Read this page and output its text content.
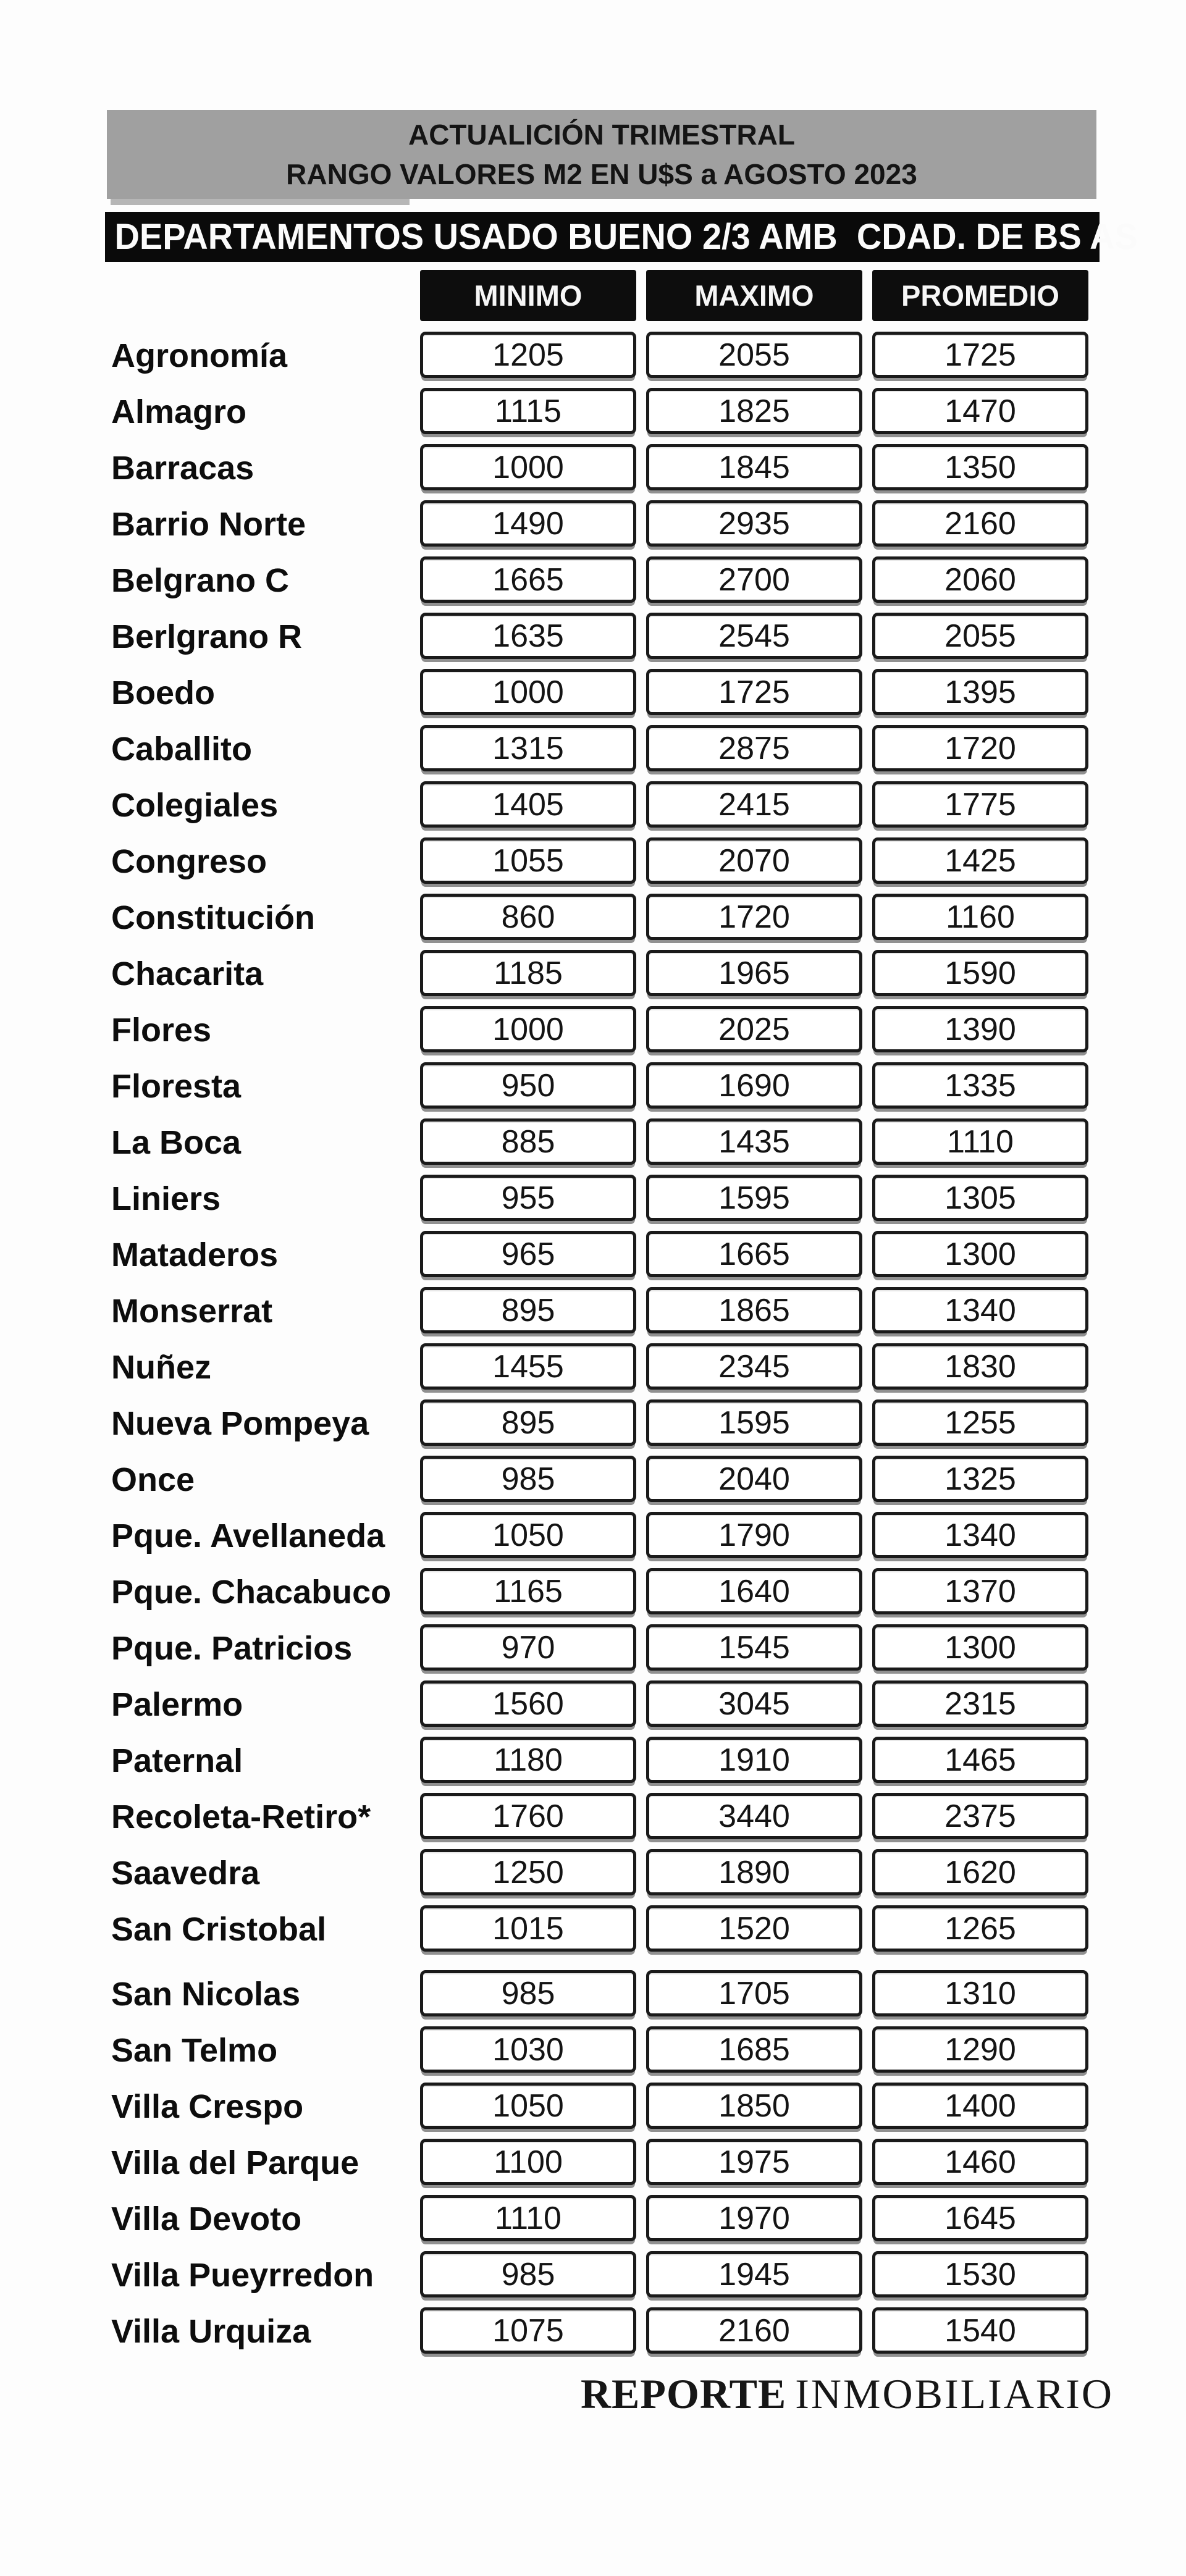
ACTUALICIÓN TRIMESTRAL
RANGO VALORES M2 EN U$S a AGOSTO 2023
DEPARTAMENTOS USADO BUENO 2/3 AMB  CDAD. DE BS AS
MINIMO	MAXIMO	PROMEDIO
Agronomía	1205	2055	1725
Almagro	1115	1825	1470
Barracas	1000	1845	1350
Barrio Norte	1490	2935	2160
Belgrano C	1665	2700	2060
Berlgrano R	1635	2545	2055
Boedo	1000	1725	1395
Caballito	1315	2875	1720
Colegiales	1405	2415	1775
Congreso	1055	2070	1425
Constitución	860	1720	1160
Chacarita	1185	1965	1590
Flores	1000	2025	1390
Floresta	950	1690	1335
La Boca	885	1435	1110
Liniers	955	1595	1305
Mataderos	965	1665	1300
Monserrat	895	1865	1340
Nuñez	1455	2345	1830
Nueva Pompeya	895	1595	1255
Once	985	2040	1325
Pque. Avellaneda	1050	1790	1340
Pque. Chacabuco	1165	1640	1370
Pque. Patricios	970	1545	1300
Palermo	1560	3045	2315
Paternal	1180	1910	1465
Recoleta-Retiro*	1760	3440	2375
Saavedra	1250	1890	1620
San Cristobal	1015	1520	1265
San Nicolas	985	1705	1310
San Telmo	1030	1685	1290
Villa Crespo	1050	1850	1400
Villa del Parque	1100	1975	1460
Villa Devoto	1110	1970	1645
Villa Pueyrredon	985	1945	1530
Villa Urquiza	1075	2160	1540
REPORTE INMOBILIARIO
